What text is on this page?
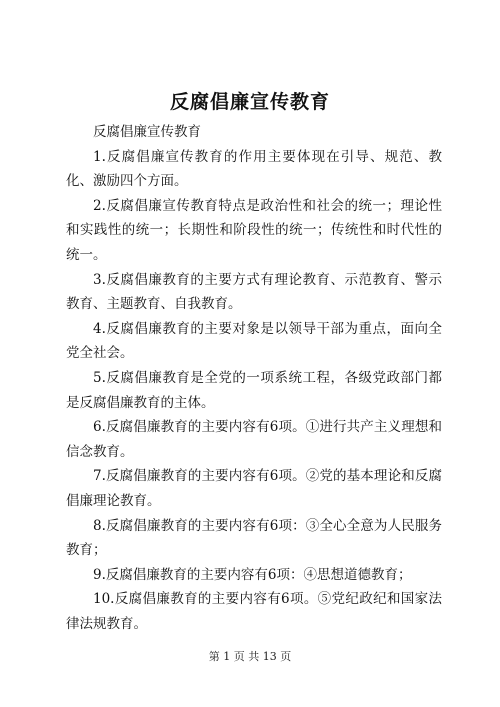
反腐倡廉宣传教育

反腐倡廉宣传教育

1.反腐倡廉宣传教育的作用主要体现在引导、规范、教化、激励四个方面。

2.反腐倡廉宣传教育特点是政治性和社会的统一；理论性和实践性的统一；长期性和阶段性的统一；传统性和时代性的统一。

3.反腐倡廉教育的主要方式有理论教育、示范教育、警示教育、主题教育、自我教育。

4.反腐倡廉教育的主要对象是以领导干部为重点，面向全党全社会。

5.反腐倡廉教育是全党的一项系统工程，各级党政部门都是反腐倡廉教育的主体。

6.反腐倡廉教育的主要内容有6项。①进行共产主义理想和信念教育。

7.反腐倡廉教育的主要内容有6项。②党的基本理论和反腐倡廉理论教育。

8.反腐倡廉教育的主要内容有6项：③全心全意为人民服务教育；

9.反腐倡廉教育的主要内容有6项：④思想道德教育；

10.反腐倡廉教育的主要内容有6项。⑤党纪政纪和国家法律法规教育。

第 1 页 共 13 页
